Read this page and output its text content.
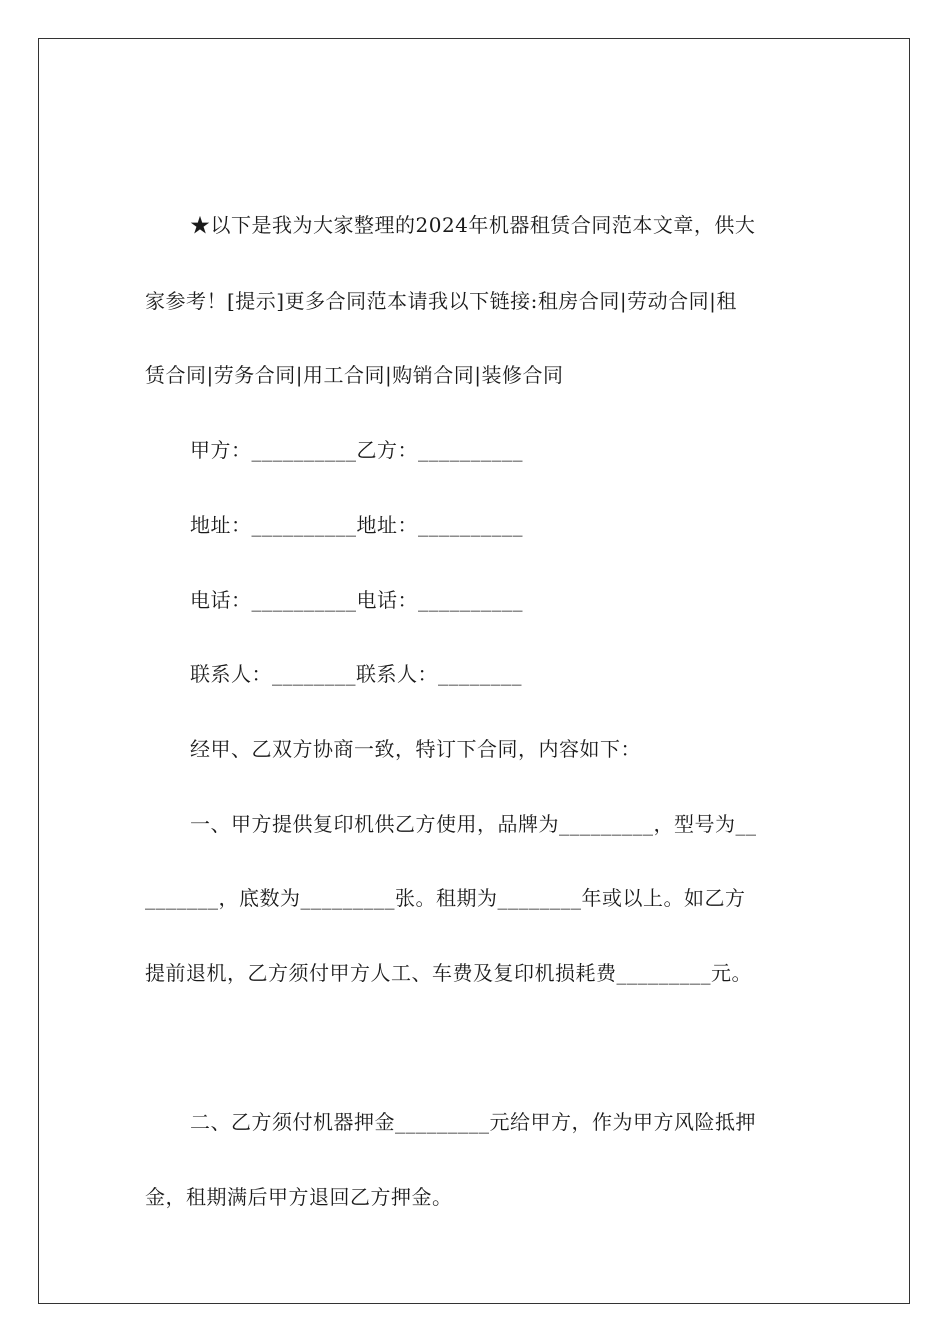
★以下是我为大家整理的2024年机器租赁合同范本文章，供大
家参考！[提示]更多合同范本请我以下链接:租房合同|劳动合同|租
赁合同|劳务合同|用工合同|购销合同|装修合同
甲方：__________乙方：__________
地址：__________地址：__________
电话：__________电话：__________
联系人：________联系人：________
经甲、乙双方协商一致，特订下合同，内容如下：
一、甲方提供复印机供乙方使用，品牌为_________，型号为__
_______，底数为_________张。租期为________年或以上。如乙方
提前退机，乙方须付甲方人工、车费及复印机损耗费_________元。
二、乙方须付机器押金_________元给甲方，作为甲方风险抵押
金，租期满后甲方退回乙方押金。
